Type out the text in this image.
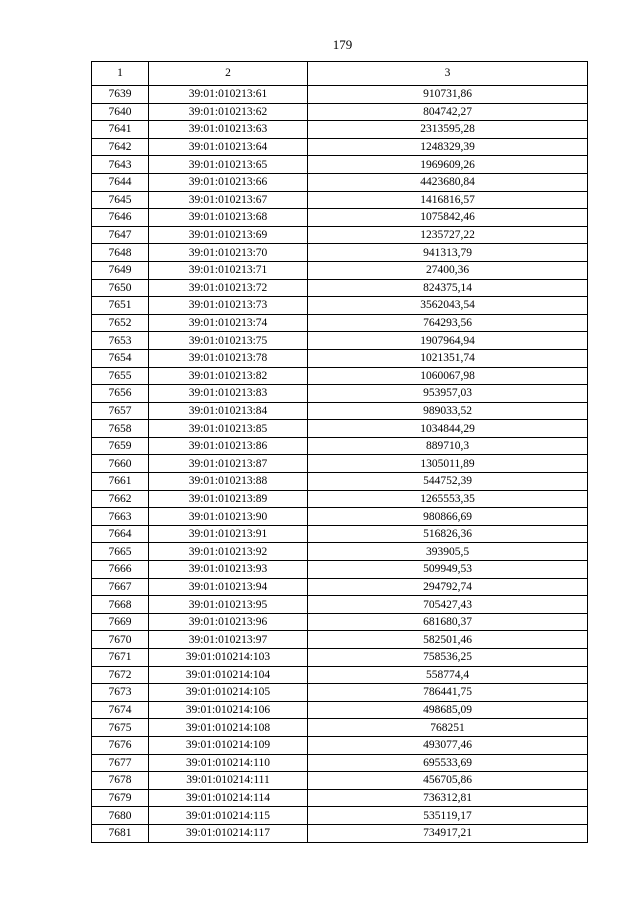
179
1	2	3
7639	39:01:010213:61	910731,86
7640	39:01:010213:62	804742,27
7641	39:01:010213:63	2313595,28
7642	39:01:010213:64	1248329,39
7643	39:01:010213:65	1969609,26
7644	39:01:010213:66	4423680,84
7645	39:01:010213:67	1416816,57
7646	39:01:010213:68	1075842,46
7647	39:01:010213:69	1235727,22
7648	39:01:010213:70	941313,79
7649	39:01:010213:71	27400,36
7650	39:01:010213:72	824375,14
7651	39:01:010213:73	3562043,54
7652	39:01:010213:74	764293,56
7653	39:01:010213:75	1907964,94
7654	39:01:010213:78	1021351,74
7655	39:01:010213:82	1060067,98
7656	39:01:010213:83	953957,03
7657	39:01:010213:84	989033,52
7658	39:01:010213:85	1034844,29
7659	39:01:010213:86	889710,3
7660	39:01:010213:87	1305011,89
7661	39:01:010213:88	544752,39
7662	39:01:010213:89	1265553,35
7663	39:01:010213:90	980866,69
7664	39:01:010213:91	516826,36
7665	39:01:010213:92	393905,5
7666	39:01:010213:93	509949,53
7667	39:01:010213:94	294792,74
7668	39:01:010213:95	705427,43
7669	39:01:010213:96	681680,37
7670	39:01:010213:97	582501,46
7671	39:01:010214:103	758536,25
7672	39:01:010214:104	558774,4
7673	39:01:010214:105	786441,75
7674	39:01:010214:106	498685,09
7675	39:01:010214:108	768251
7676	39:01:010214:109	493077,46
7677	39:01:010214:110	695533,69
7678	39:01:010214:111	456705,86
7679	39:01:010214:114	736312,81
7680	39:01:010214:115	535119,17
7681	39:01:010214:117	734917,21
